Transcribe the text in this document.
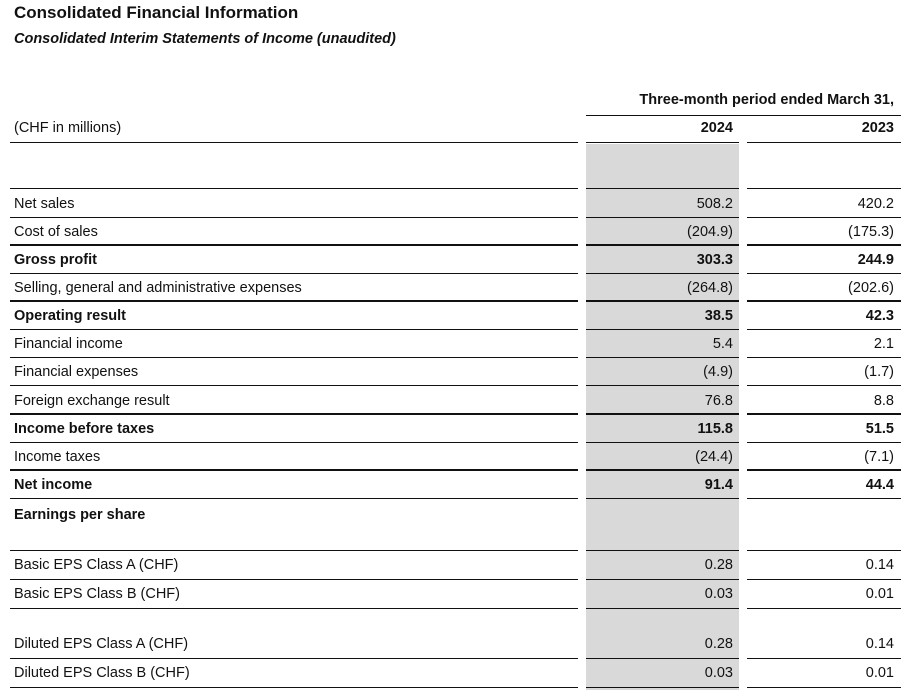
Consolidated Financial Information
Consolidated Interim Statements of Income (unaudited)
Three-month period ended March 31,
(CHF in millions)	2024	2023
Net sales	508.2	420.2
Cost of sales	(204.9)	(175.3)
Gross profit	303.3	244.9
Selling, general and administrative expenses	(264.8)	(202.6)
Operating result	38.5	42.3
Financial income	5.4	2.1
Financial expenses	(4.9)	(1.7)
Foreign exchange result	76.8	8.8
Income before taxes	115.8	51.5
Income taxes	(24.4)	(7.1)
Net income	91.4	44.4
Earnings per share
Basic EPS Class A (CHF)	0.28	0.14
Basic EPS Class B (CHF)	0.03	0.01
Diluted EPS Class A (CHF)	0.28	0.14
Diluted EPS Class B (CHF)	0.03	0.01
